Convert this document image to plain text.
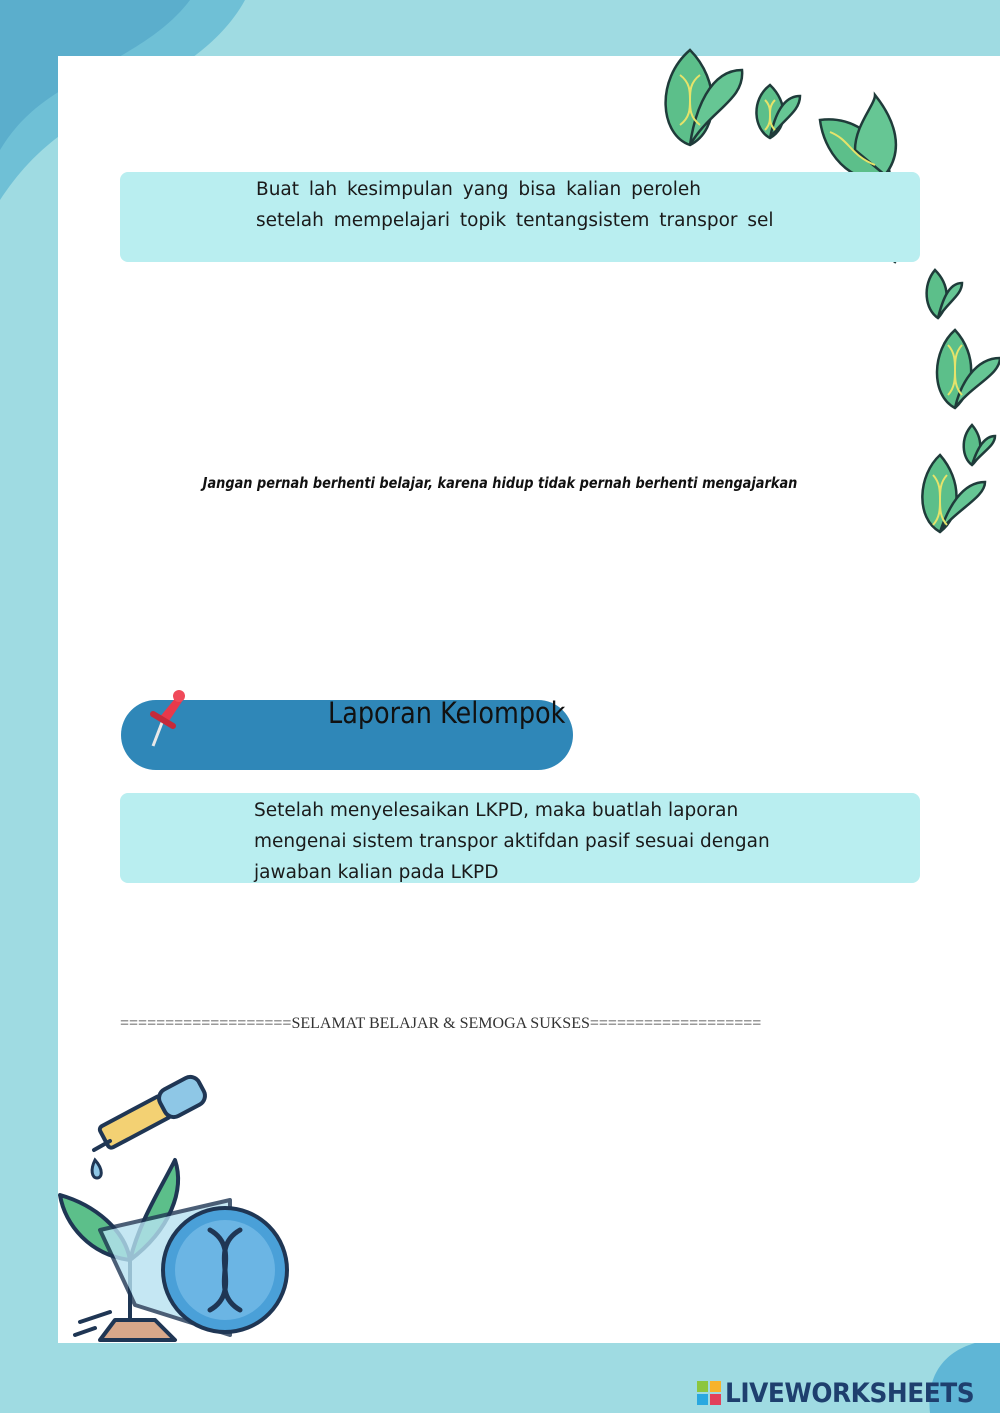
Buat lah kesimpulan yang bisa kalian peroleh setelah mempelajari topik tentangsistem transpor sel
Jangan pernah berhenti belajar, karena hidup tidak pernah berhenti mengajarkan
Laporan Kelompok
Setelah menyelesaikan LKPD, maka buatlah laporan mengenai sistem transpor aktifdan pasif sesuai dengan jawaban kalian pada LKPD
===================SELAMAT BELAJAR & SEMOGA SUKSES===================
LIVEWORKSHEETS
